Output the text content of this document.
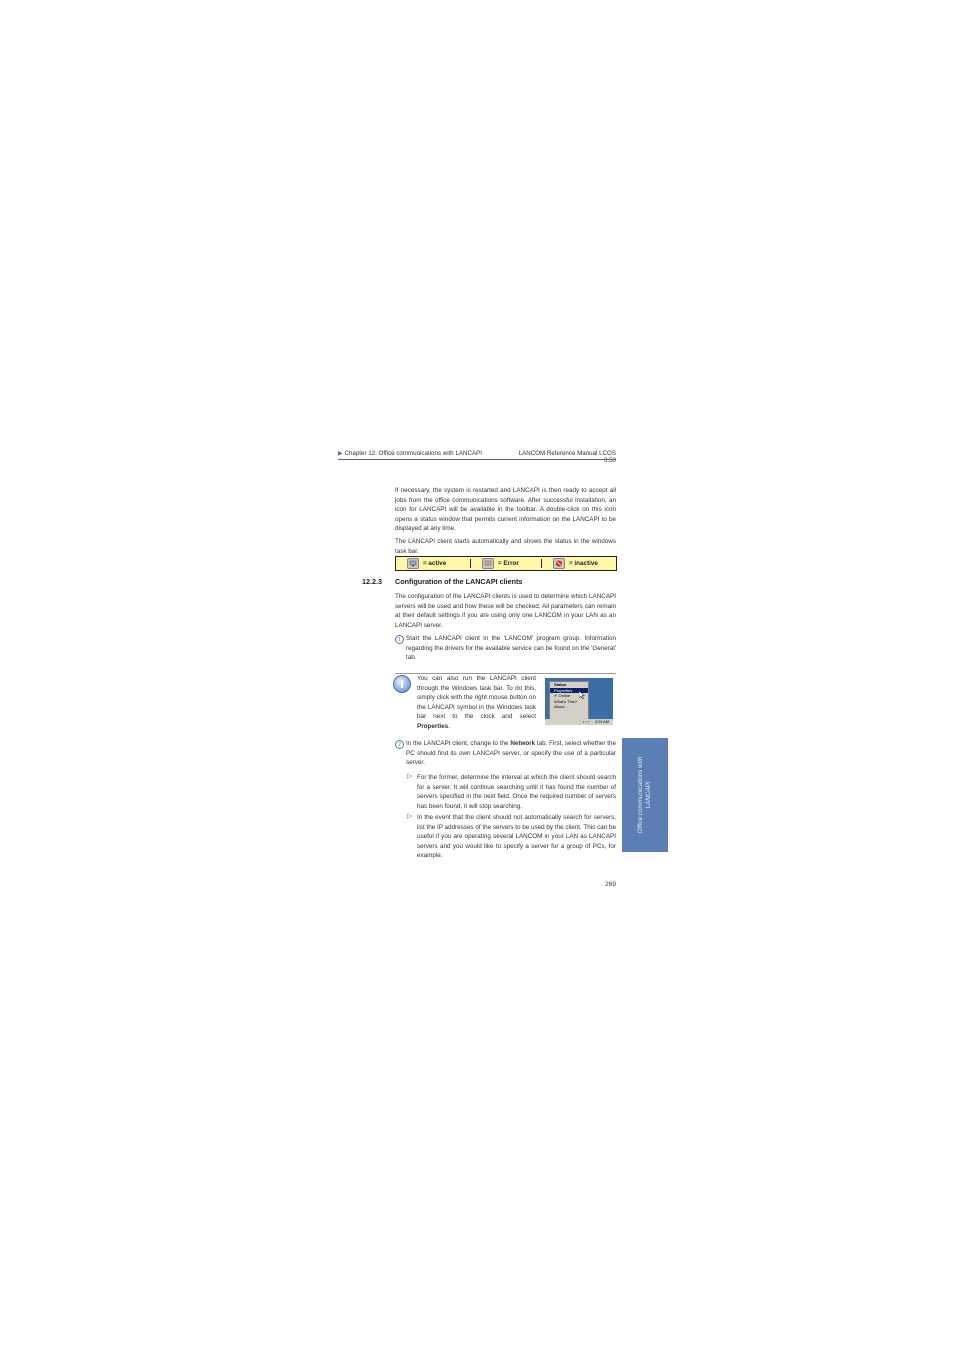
▶ Chapter 12: Office communications with LANCAPI	LANCOM Reference Manual LCOS 3.50

If necessary, the system is restarted and LANCAPI is then ready to accept all jobs from the office communications software. After successful installation, an icon for LANCAPI will be available in the toolbar. A double-click on this icon opens a status window that permits current information on the LANCAPI to be displayed at any time.

The LANCAPI client starts automatically and shows the status in the windows task bar.

= active	! = Error	= inactive
12.2.3 Configuration of the LANCAPI clients

The configuration of the LANCAPI clients is used to determine which LANCAPI servers will be used and how these will be checked. All parameters can remain at their default settings if you are using only one LANCOM in your LAN as an LANCAPI server.

1 Start the LANCAPI client in the 'LANCOM' program group. Information regarding the drivers for the available service can be found on the 'General' tab.

You can also run the LANCAPI client through the Windows task bar. To do this, simply click with the right mouse button on the LANCAPI symbol in the Windows task bar next to the clock and select Properties.

Status
Properties
✔ Online
What's This?
About ...
▪ ▪ ▪ 3:02 AM
2 In the LANCAPI client, change to the Network tab. First, select whether the PC should find its own LANCAPI server, or specify the use of a particular server.

▷ For the former, determine the interval at which the client should search for a server. It will continue searching until it has found the number of servers specified in the next field. Once the required number of servers has been found, it will stop searching.

▷ In the event that the client should not automatically search for servers, list the IP addresses of the servers to be used by the client. This can be useful if you are operating several LANCOM in your LAN as LANCAPI servers and you would like to specify a server for a group of PCs, for example.

Office communications with LANCAPI
269
